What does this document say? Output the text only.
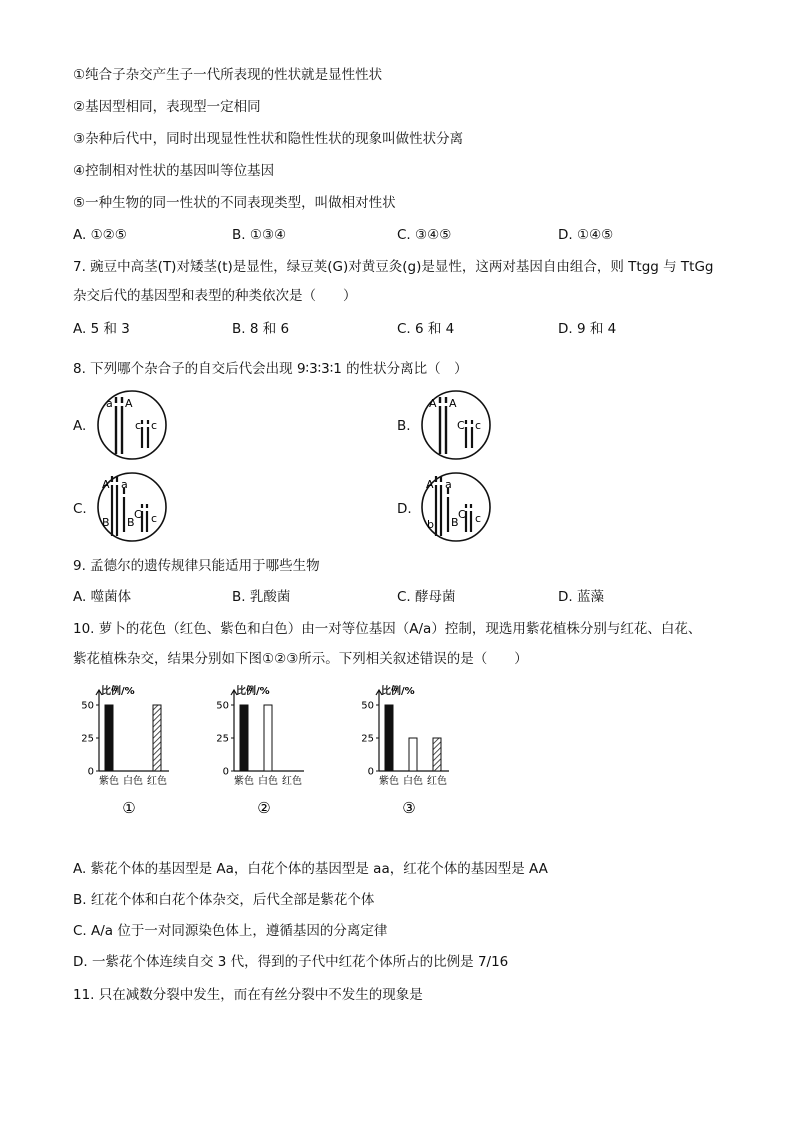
①纯合子杂交产生子一代所表现的性状就是显性性状
②基因型相同，表现型一定相同
③杂种后代中，同时出现显性性状和隐性性状的现象叫做性状分离
④控制相对性状的基因叫等位基因
⑤一种生物的同一性状的不同表现类型，叫做相对性状
A. ①②⑤	B. ①③④	C. ③④⑤	D. ①④⑤
7. 豌豆中高茎(T)对矮茎(t)是显性，绿豆荚(G)对黄豆灸(g)是显性，这两对基因自由组合，则 Ttgg 与 TtGg
杂交后代的基因型和表型的种类依次是（　　）
A. 5 和 3	B. 8 和 6	C. 6 和 4	D. 9 和 4
8. 下列哪个杂合子的自交后代会出现 9∶3∶3∶1 的性状分离比（　）
A.	B.
C.	D.
a A
c c
A A
C c
A a
B B
C c
A a
b B
C c
9. 孟德尔的遗传规律只能适用于哪些生物
A. 噬菌体	B. 乳酸菌	C. 酵母菌	D. 蓝藻
10. 萝卜的花色（红色、紫色和白色）由一对等位基因（A/a）控制，现选用紫花植株分别与红花、白花、
紫花植株杂交，结果分别如下图①②③所示。下列相关叙述错误的是（　　）
比例/%
0
25
50
紫色 白色 红色
①
比例/%
0
25
50
紫色 白色 红色
②
比例/%
0
25
50
紫色 白色 红色
③
A. 紫花个体的基因型是 Aa，白花个体的基因型是 aa，红花个体的基因型是 AA
B. 红花个体和白花个体杂交，后代全部是紫花个体
C. A/a 位于一对同源染色体上，遵循基因的分离定律
D. 一紫花个体连续自交 3 代，得到的子代中红花个体所占的比例是 7/16
11. 只在减数分裂中发生，而在有丝分裂中不发生的现象是
